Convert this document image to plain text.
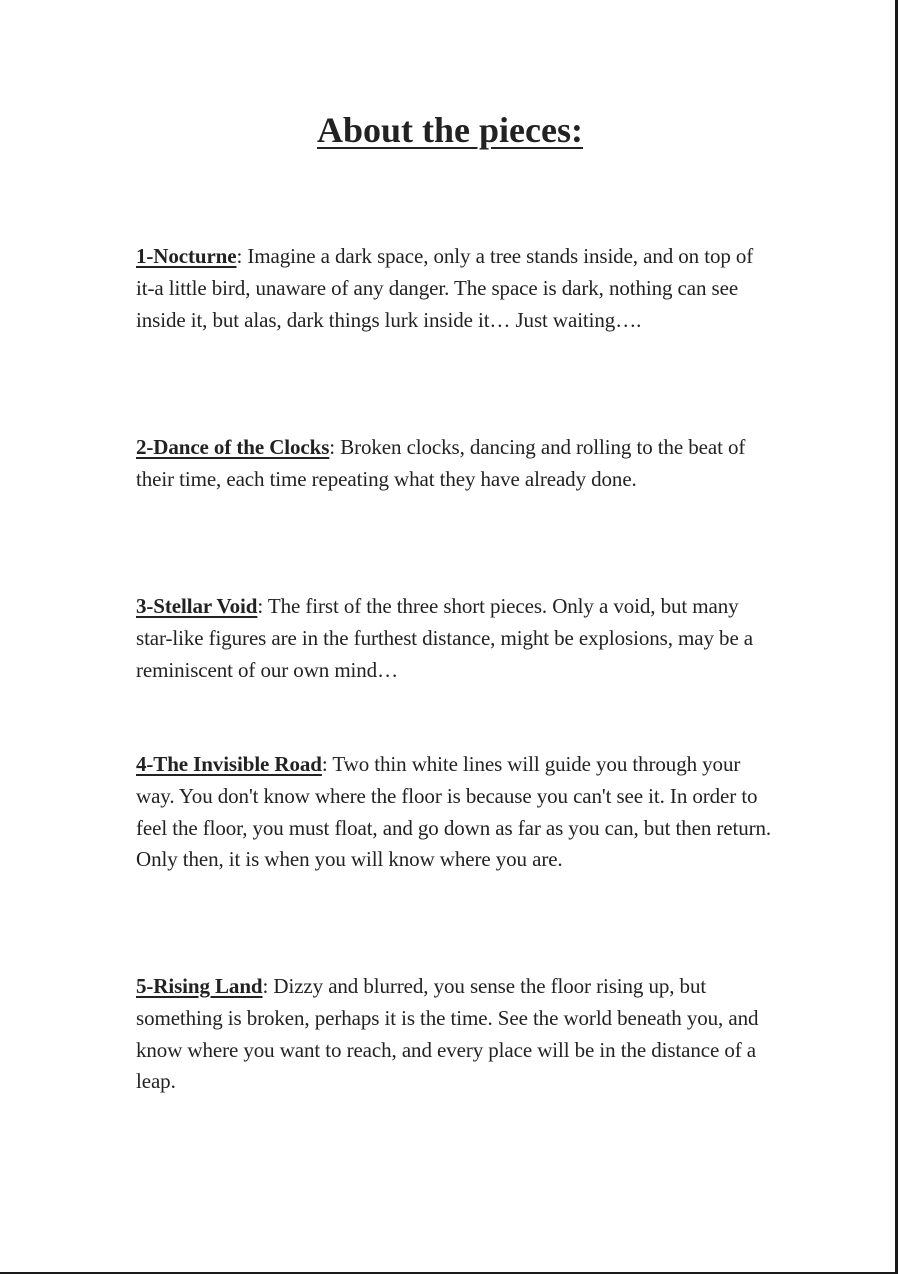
About the pieces:

1-Nocturne: Imagine a dark space, only a tree stands inside, and on top of it-a little bird, unaware of any danger. The space is dark, nothing can see inside it, but alas, dark things lurk inside it… Just waiting….

2-Dance of the Clocks: Broken clocks, dancing and rolling to the beat of their time, each time repeating what they have already done.

3-Stellar Void: The first of the three short pieces. Only a void, but many star-like figures are in the furthest distance, might be explosions, may be a reminiscent of our own mind…

4-The Invisible Road: Two thin white lines will guide you through your way. You don't know where the floor is because you can't see it. In order to feel the floor, you must float, and go down as far as you can, but then return. Only then, it is when you will know where you are.

5-Rising Land: Dizzy and blurred, you sense the floor rising up, but something is broken, perhaps it is the time. See the world beneath you, and know where you want to reach, and every place will be in the distance of a leap.
